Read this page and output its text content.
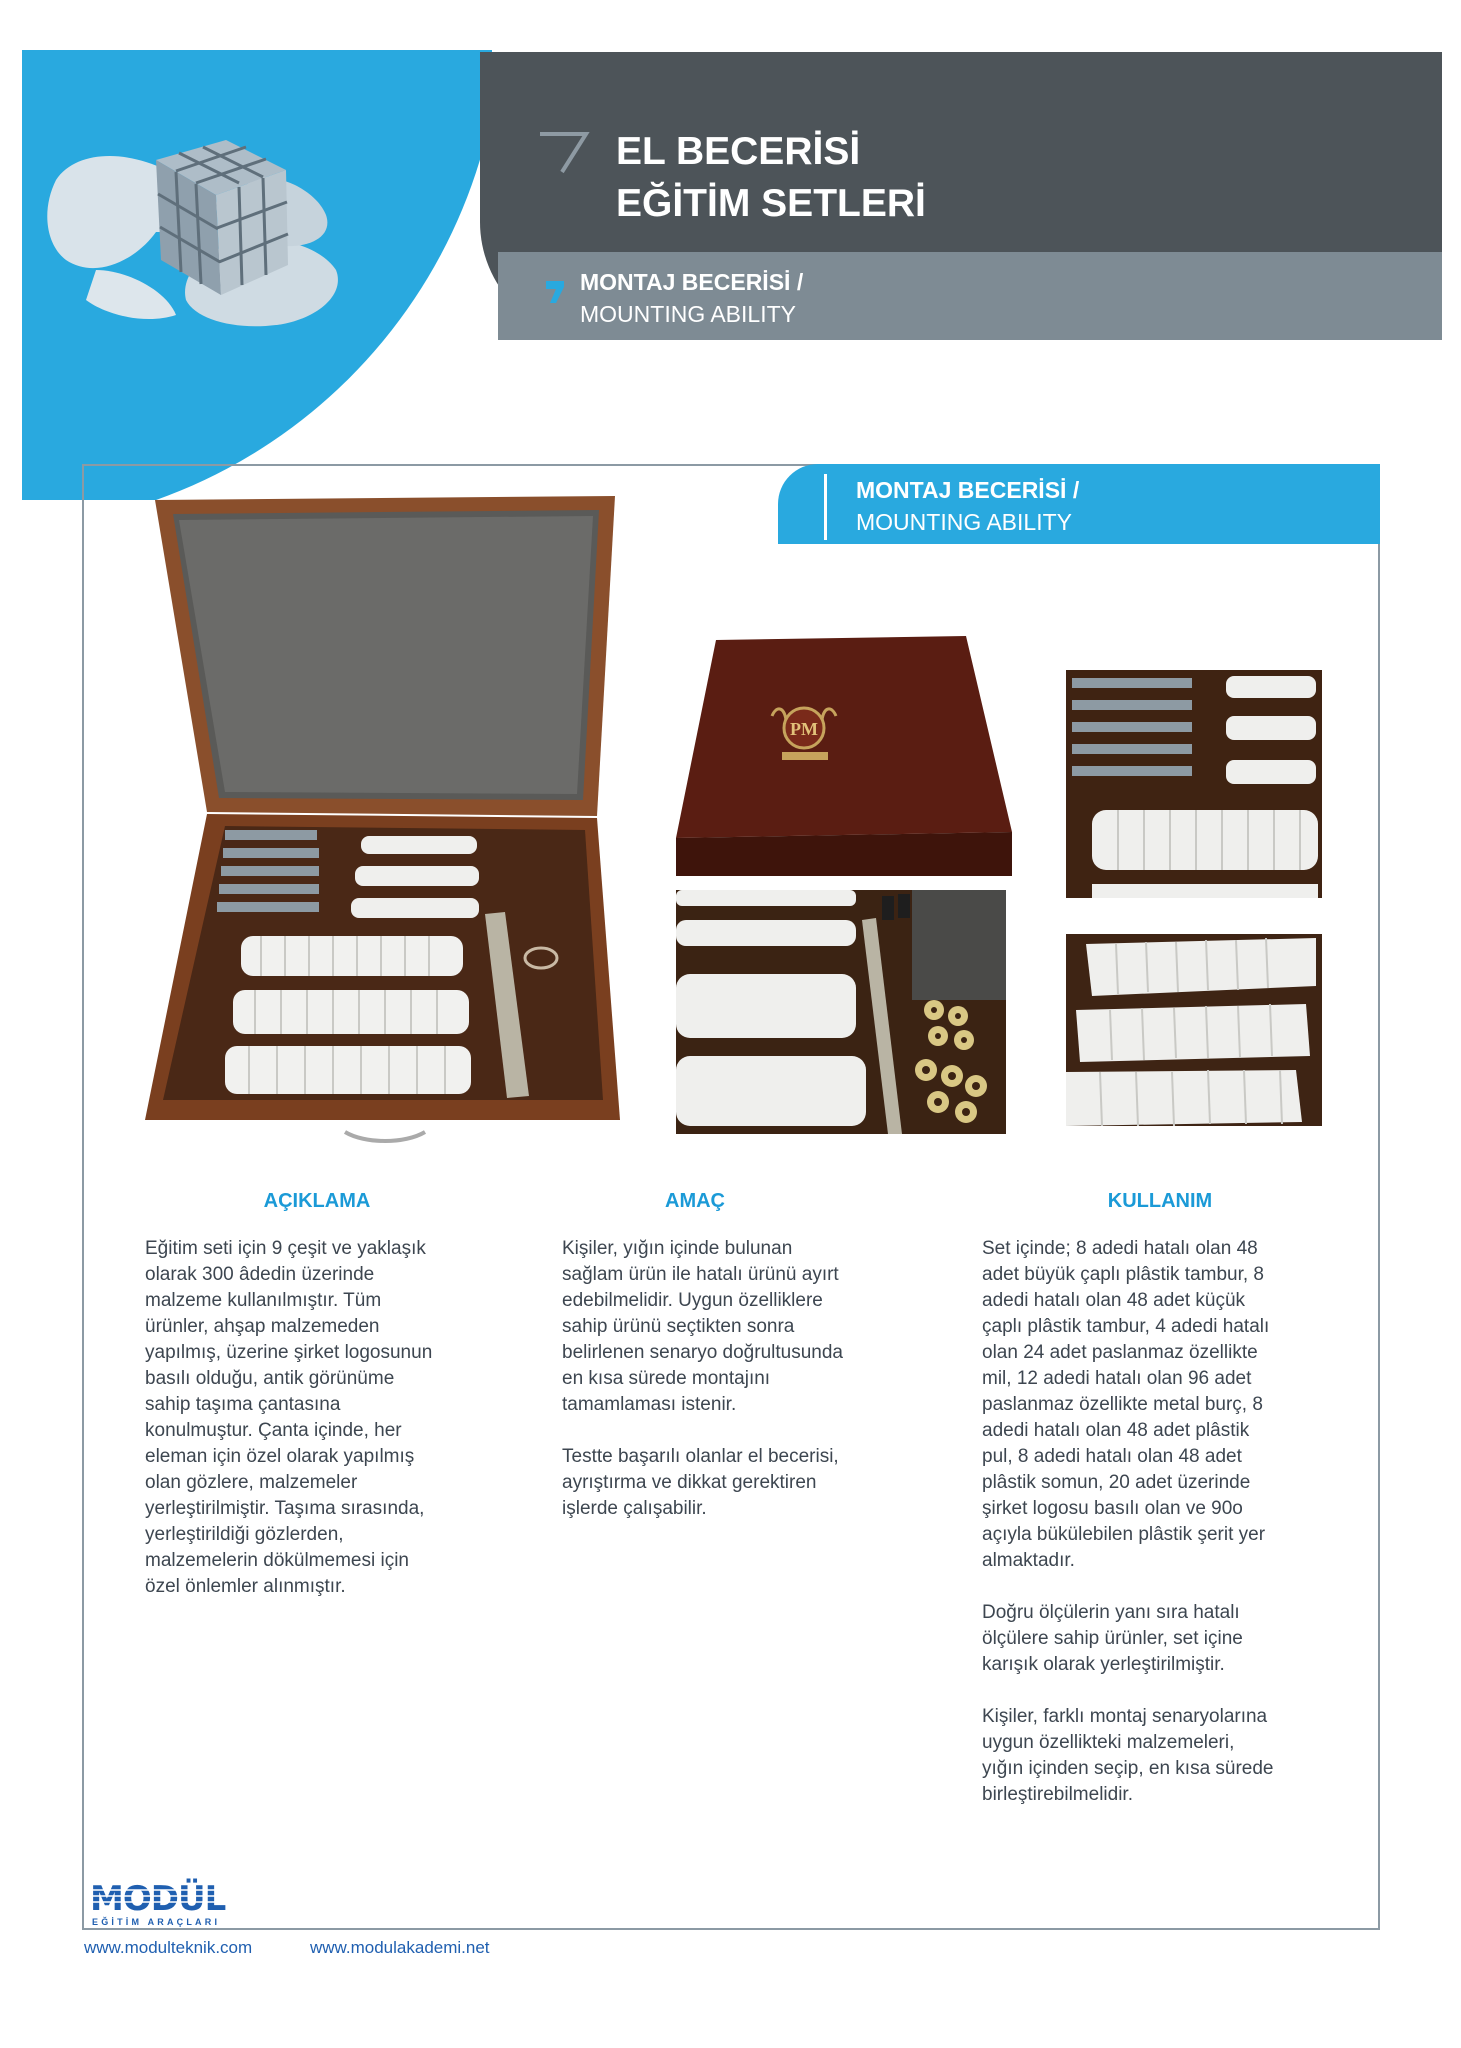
EL BECERİSİ
EĞİTİM SETLERİ
MONTAJ BECERİSİ /
MOUNTING ABILITY
MONTAJ BECERİSİ /
MOUNTING ABILITY
PM
AÇIKLAMA
Eğitim seti için 9 çeşit ve yaklaşık
olarak 300 âdedin üzerinde
malzeme kullanılmıştır. Tüm
ürünler, ahşap malzemeden
yapılmış, üzerine şirket logosunun
basılı olduğu, antik görünüme
sahip taşıma çantasına
konulmuştur. Çanta içinde, her
eleman için özel olarak yapılmış
olan gözlere, malzemeler
yerleştirilmiştir. Taşıma sırasında,
yerleştirildiği gözlerden,
malzemelerin dökülmemesi için
özel önlemler alınmıştır.
AMAÇ
Kişiler, yığın içinde bulunan
sağlam ürün ile hatalı ürünü ayırt
edebilmelidir. Uygun özelliklere
sahip ürünü seçtikten sonra
belirlenen senaryo doğrultusunda
en kısa sürede montajını
tamamlaması istenir.

Testte başarılı olanlar el becerisi,
ayrıştırma ve dikkat gerektiren
işlerde çalışabilir.
KULLANIM
Set içinde; 8 adedi hatalı olan 48
adet büyük çaplı plâstik tambur, 8
adedi hatalı olan 48 adet küçük
çaplı plâstik tambur, 4 adedi hatalı
olan 24 adet paslanmaz özellikte
mil, 12 adedi hatalı olan 96 adet
paslanmaz özellikte metal burç, 8
adedi hatalı olan 48 adet plâstik
pul, 8 adedi hatalı olan 48 adet
plâstik somun, 20 adet üzerinde
şirket logosu basılı olan ve 90o
açıyla bükülebilen plâstik şerit yer
almaktadır.

Doğru ölçülerin yanı sıra hatalı
ölçülere sahip ürünler, set içine
karışık olarak yerleştirilmiştir.

Kişiler, farklı montaj senaryolarına
uygun özellikteki malzemeleri,
yığın içinden seçip, en kısa sürede
birleştirebilmelidir.
MODÜL
EĞİTİM ARAÇLARI
www.modulteknik.com	www.modulakademi.net
